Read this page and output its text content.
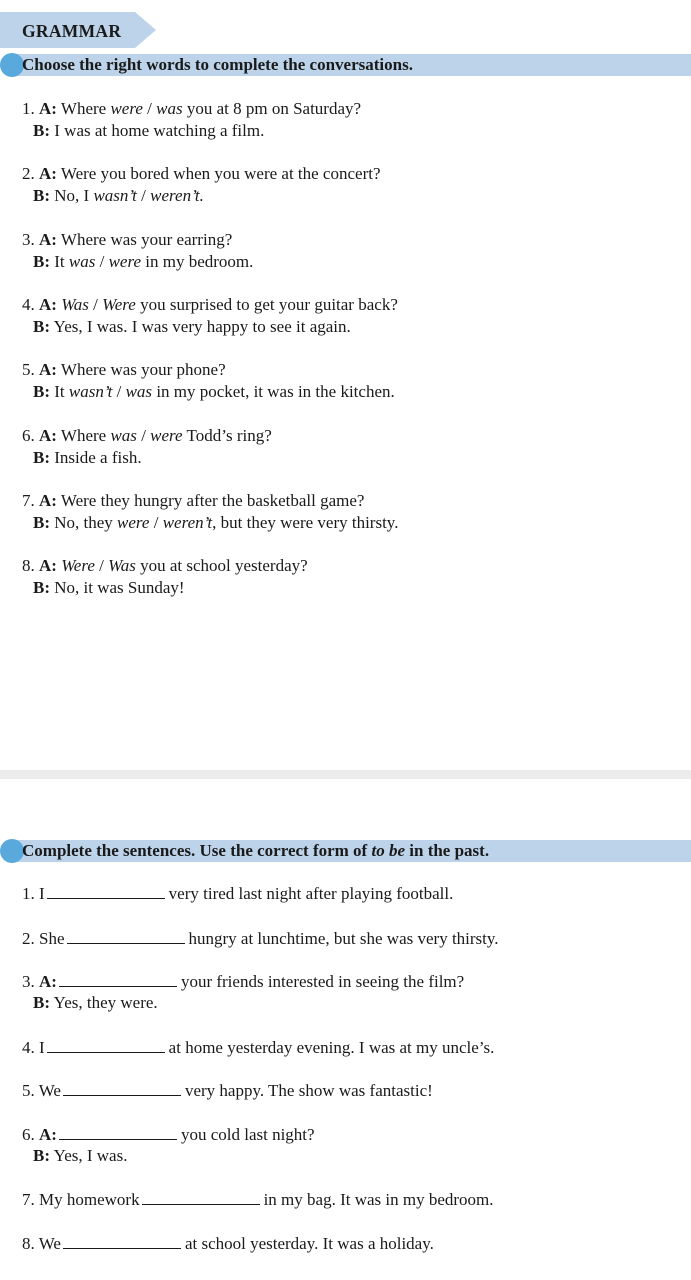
GRAMMAR
Choose the right words to complete the conversations.
1. A: Where were / was you at 8 pm on Saturday?
B: I was at home watching a film.
2. A: Were you bored when you were at the concert?
B: No, I wasn’t / weren’t.
3. A: Where was your earring?
B: It was / were in my bedroom.
4. A: Was / Were you surprised to get your guitar back?
B: Yes, I was. I was very happy to see it again.
5. A: Where was your phone?
B: It wasn’t / was in my pocket, it was in the kitchen.
6. A: Where was / were Todd’s ring?
B: Inside a fish.
7. A: Were they hungry after the basketball game?
B: No, they were / weren’t, but they were very thirsty.
8. A: Were / Was you at school yesterday?
B: No, it was Sunday!
Complete the sentences. Use the correct form of to be in the past.
1. I	very tired last night after playing football.
2. She	hungry at lunchtime, but she was very thirsty.
3. A:	your friends interested in seeing the film?
B: Yes, they were.
4. I	at home yesterday evening. I was at my uncle’s.
5. We	very happy. The show was fantastic!
6. A:	you cold last night?
B: Yes, I was.
7. My homework	in my bag. It was in my bedroom.
8. We	at school yesterday. It was a holiday.
